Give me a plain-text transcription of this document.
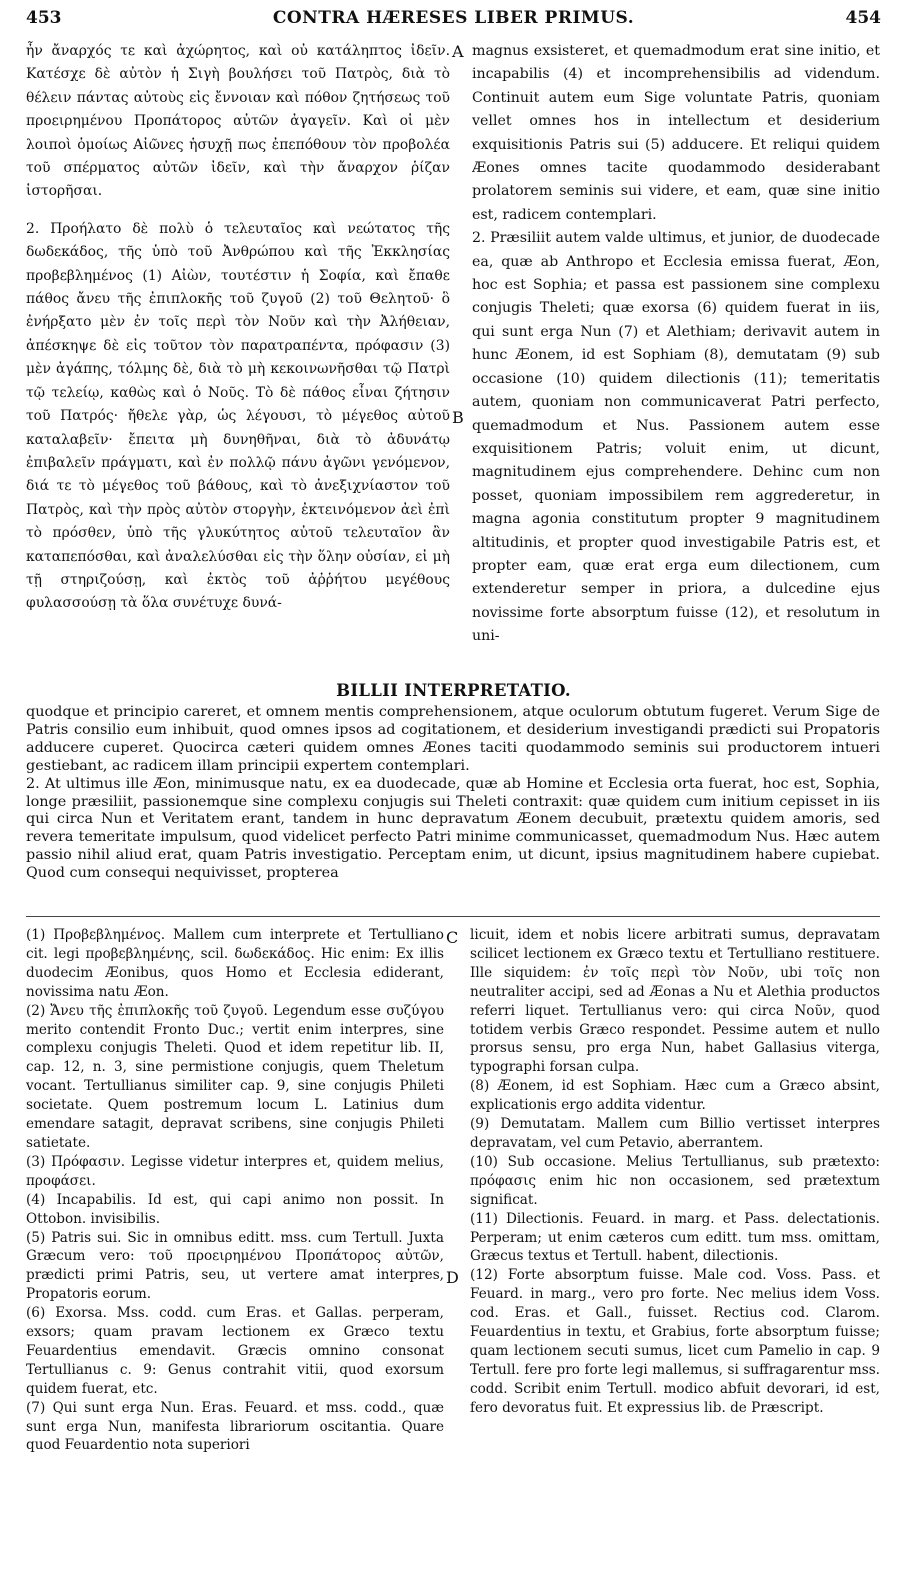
CONTRA HÆRESES LIBER PRIMUS.
453	454

ἦν ἄναρχός τε καὶ ἀχώρητος, καὶ οὐ κατάληπτος ἰδεῖν. Κατέσχε δὲ αὐτὸν ἡ Σιγὴ βουλήσει τοῦ Πατρὸς, διὰ τὸ θέλειν πάντας αὐτοὺς εἰς ἔννοιαν καὶ πόθον ζητήσεως τοῦ προειρημένου Προπάτορος αὐτῶν ἀγαγεῖν. Καὶ οἱ μὲν λοιποὶ ὁμοίως Αἰῶνες ἡσυχῇ πως ἐπεπόθουν τὸν προβολέα τοῦ σπέρματος αὐτῶν ἰδεῖν, καὶ τὴν ἄναρχον ῥίζαν ἱστορῆσαι.

2. Προήλατο δὲ πολὺ ὁ τελευταῖος καὶ νεώτατος τῆς δωδεκάδος, τῆς ὑπὸ τοῦ Ἀνθρώπου καὶ τῆς Ἐκκλησίας προβεβλημένος (1) Αἰὼν, τουτέστιν ἡ Σοφία, καὶ ἔπαθε πάθος ἄνευ τῆς ἐπιπλοκῆς τοῦ ζυγοῦ (2) τοῦ Θελητοῦ· ὃ ἐνήρξατο μὲν ἐν τοῖς περὶ τὸν Νοῦν καὶ τὴν Ἀλήθειαν, ἀπέσκηψε δὲ εἰς τοῦτον τὸν παρατραπέντα, πρόφασιν (3) μὲν ἀγάπης, τόλμης δὲ, διὰ τὸ μὴ κεκοινωνῆσθαι τῷ Πατρὶ τῷ τελείῳ, καθὼς καὶ ὁ Νοῦς. Τὸ δὲ πάθος εἶναι ζήτησιν τοῦ Πατρός· ἤθελε γὰρ, ὡς λέγουσι, τὸ μέγεθος αὐτοῦ καταλαβεῖν· ἔπειτα μὴ δυνηθῆναι, διὰ τὸ ἀδυνάτῳ ἐπιβαλεῖν πράγματι, καὶ ἐν πολλῷ πάνυ ἀγῶνι γενόμενον, διά τε τὸ μέγεθος τοῦ βάθους, καὶ τὸ ἀνεξιχνίαστον τοῦ Πατρὸς, καὶ τὴν πρὸς αὐτὸν στοργὴν, ἐκτεινόμενον ἀεὶ ἐπὶ τὸ πρόσθεν, ὑπὸ τῆς γλυκύτητος αὐτοῦ τελευταῖον ἂν καταπεπόσθαι, καὶ ἀναλελύσθαι εἰς τὴν ὅλην οὐσίαν, εἰ μὴ τῇ στηριζούσῃ, καὶ ἐκτὸς τοῦ ἀῤῥήτου μεγέθους φυλασσούσῃ τὰ ὅλα συνέτυχε δυνά-

A
B

magnus exsisteret, et quemadmodum erat sine initio, et incapabilis (4) et incomprehensibilis ad videndum. Continuit autem eum Sige voluntate Patris, quoniam vellet omnes hos in intellectum et desiderium exquisitionis Patris sui (5) adducere. Et reliqui quidem Æones omnes tacite quodammodo desiderabant prolatorem seminis sui videre, et eam, quæ sine initio est, radicem contemplari.

2. Præsiliit autem valde ultimus, et junior, de duodecade ea, quæ ab Anthropo et Ecclesia emissa fuerat, Æon, hoc est Sophia; et passa est passionem sine complexu conjugis Theleti; quæ exorsa (6) quidem fuerat in iis, qui sunt erga Nun (7) et Alethiam; derivavit autem in hunc Æonem, id est Sophiam (8), demutatam (9) sub occasione (10) quidem dilectionis (11); temeritatis autem, quoniam non communicaverat Patri perfecto, quemadmodum et Nus. Passionem autem esse exquisitionem Patris; voluit enim, ut dicunt, magnitudinem ejus comprehendere. Dehinc cum non posset, quoniam impossibilem rem aggrederetur, in magna agonia constitutum propter 9 magnitudinem altitudinis, et propter quod investigabile Patris est, et propter eam, quæ erat erga eum dilectionem, cum extenderetur semper in priora, a dulcedine ejus novissime forte absorptum fuisse (12), et resolutum in uni-

BILLII INTERPRETATIO.

quodque et principio careret, et omnem mentis comprehensionem, atque oculorum obtutum fugeret. Verum Sige de Patris consilio eum inhibuit, quod omnes ipsos ad cogitationem, et desiderium investigandi prædicti sui Propatoris adducere cuperet. Quocirca cæteri quidem omnes Æones taciti quodammodo seminis sui productorem intueri gestiebant, ac radicem illam principii expertem contemplari.

2. At ultimus ille Æon, minimusque natu, ex ea duodecade, quæ ab Homine et Ecclesia orta fuerat, hoc est, Sophia, longe præsiliit, passionemque sine complexu conjugis sui Theleti contraxit: quæ quidem cum initium cepisset in iis qui circa Nun et Veritatem erant, tandem in hunc depravatum Æonem decubuit, prætextu quidem amoris, sed revera temeritate impulsum, quod videlicet perfecto Patri minime communicasset, quemadmodum Nus. Hæc autem passio nihil aliud erat, quam Patris investigatio. Perceptam enim, ut dicunt, ipsius magnitudinem habere cupiebat. Quod cum consequi nequivisset, propterea

(1) Προβεβλημένος. Mallem cum interprete et Tertulliano cit. legi προβεβλημένης, scil. δωδεκάδος. Hic enim: Ex illis duodecim Æonibus, quos Homo et Ecclesia ediderant, novissima natu Æon.

(2) Ἄνευ τῆς ἐπιπλοκῆς τοῦ ζυγοῦ. Legendum esse συζύγου merito contendit Fronto Duc.; vertit enim interpres, sine complexu conjugis Theleti. Quod et idem repetitur lib. II, cap. 12, n. 3, sine permistione conjugis, quem Theletum vocant. Tertullianus similiter cap. 9, sine conjugis Phileti societate. Quem postremum locum L. Latinius dum emendare satagit, depravat scribens, sine conjugis Phileti satietate.

(3) Πρόφασιν. Legisse videtur interpres et, quidem melius, προφάσει.

(4) Incapabilis. Id est, qui capi animo non possit. In Ottobon. invisibilis.

(5) Patris sui. Sic in omnibus editt. mss. cum Tertull. Juxta Græcum vero: τοῦ προειρημένου Προπάτορος αὐτῶν, prædicti primi Patris, seu, ut vertere amat interpres, Propatoris eorum.

(6) Exorsa. Mss. codd. cum Eras. et Gallas. perperam, exsors; quam pravam lectionem ex Græco textu Feuardentius emendavit. Græcis omnino consonat Tertullianus c. 9: Genus contrahit vitii, quod exorsum quidem fuerat, etc.

(7) Qui sunt erga Nun. Eras. Feuard. et mss. codd., quæ sunt erga Nun, manifesta librariorum oscitantia. Quare quod Feuardentio nota superiori

C
D

licuit, idem et nobis licere arbitrati sumus, depravatam scilicet lectionem ex Græco textu et Tertulliano restituere. Ille siquidem: ἐν τοῖς περὶ τὸν Νοῦν, ubi τοῖς non neutraliter accipi, sed ad Æonas a Nu et Alethia productos referri liquet. Tertullianus vero: qui circa Νοῦν, quod totidem verbis Græco respondet. Pessime autem et nullo prorsus sensu, pro erga Nun, habet Gallasius viterga, typographi forsan culpa.

(8) Æonem, id est Sophiam. Hæc cum a Græco absint, explicationis ergo addita videntur.

(9) Demutatam. Mallem cum Billio vertisset interpres depravatam, vel cum Petavio, aberrantem.

(10) Sub occasione. Melius Tertullianus, sub prætexto: πρόφασις enim hic non occasionem, sed prætextum significat.

(11) Dilectionis. Feuard. in marg. et Pass. delectationis. Perperam; ut enim cæteros cum editt. tum mss. omittam, Græcus textus et Tertull. habent, dilectionis.

(12) Forte absorptum fuisse. Male cod. Voss. Pass. et Feuard. in marg., vero pro forte. Nec melius idem Voss. cod. Eras. et Gall., fuisset. Rectius cod. Clarom. Feuardentius in textu, et Grabius, forte absorptum fuisse; quam lectionem secuti sumus, licet cum Pamelio in cap. 9 Tertull. fere pro forte legi mallemus, si suffragarentur mss. codd. Scribit enim Tertull. modico abfuit devorari, id est, fero devoratus fuit. Et expressius lib. de Præscript.
